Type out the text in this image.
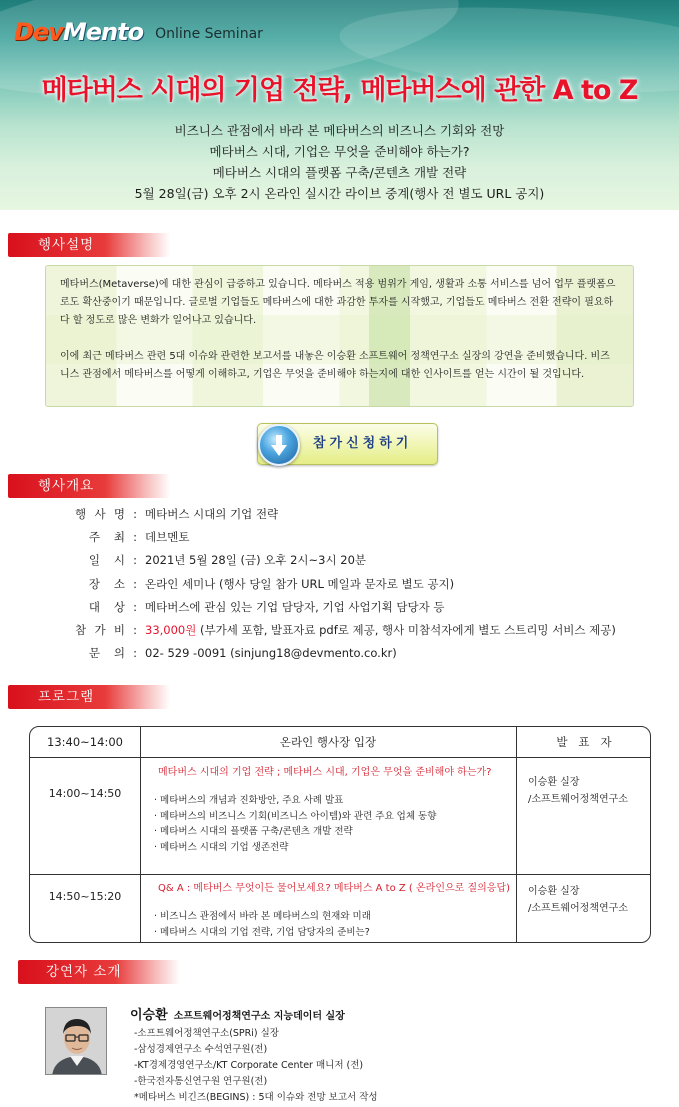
Dev Mento Online Seminar
메타버스 시대의 기업 전략, 메타버스에 관한 A to Z
비즈니스 관점에서 바라 본 메타버스의 비즈니스 기회와 전망
메타버스 시대, 기업은 무엇을 준비해야 하는가?
메타버스 시대의 플랫폼 구축/콘텐츠 개발 전략
5월 28일(금) 오후 2시 온라인 실시간 라이브 중계(행사 전 별도 URL 공지)
행사설명

메타버스(Metaverse)에 대한 관심이 급증하고 있습니다. 메타버스 적용 범위가 게임, 생활과 소통 서비스를 넘어 업무 플랫폼으로도 확산중이기 때문입니다. 글로벌 기업들도 메타버스에 대한 과감한 투자를 시작했고, 기업들도 메타버스 전환 전략이 필요하다 할 정도로 많은 변화가 일어나고 있습니다.

이에 최근 메타버스 관련 5대 이슈와 관련한 보고서를 내놓은 이승환 소프트웨어 정책연구소 실장의 강연을 준비했습니다. 비즈니스 관점에서 메타버스를 어떻게 이해하고, 기업은 무엇을 준비해야 하는지에 대한 인사이트를 얻는 시간이 될 것입니다.

참가신청하기
행사개요
행 사 명 : 메타버스 시대의 기업 전략
주 최 : 데브멘토
일 시 : 2021년 5월 28일 (금) 오후 2시~3시 20분
장 소 : 온라인 세미나 (행사 당일 참가 URL 메일과 문자로 별도 공지)
대 상 : 메타버스에 관심 있는 기업 담당자, 기업 사업기획 담당자 등
참 가 비 : 33,000원 (부가세 포함, 발표자료 pdf로 제공, 행사 미참석자에게 별도 스트리밍 서비스 제공)
문 의 : 02- 529 -0091 (sinjung18@devmento.co.kr)
프로그램
13:40~14:00	온라인 행사장 입장	발   표   자
14:00~14:50
메타버스 시대의 기업 전략 ; 메타버스 시대, 기업은 무엇을 준비해야 하는가?
· 메타버스의 개념과 진화방안, 주요 사례 발표
· 메타버스의 비즈니스 기회(비즈니스 아이템)와 관련 주요 업체 동향
· 메타버스 시대의 플랫폼 구축/콘텐츠 개발 전략
· 메타버스 시대의 기업 생존전략
이승환 실장
/소프트웨어정책연구소
14:50~15:20
Q& A : 메타버스 무엇이든 물어보세요? 메타버스 A to Z ( 온라인으로 질의응답)
· 비즈니스 관점에서 바라 본 메타버스의 현재와 미래
· 메타버스 시대의 기업 전략, 기업 담당자의 준비는?
이승환 실장
/소프트웨어정책연구소
강연자 소개
이승환 소프트웨어정책연구소 지능데이터 실장
-소프트웨어정책연구소(SPRi) 실장
-삼성경제연구소 수석연구원(전)
-KT경제경영연구소/KT Corporate Center 매니저 (전)
-한국전자통신연구원 연구원(전)
*메타버스 비긴즈(BEGINS) : 5대 이슈와 전망 보고서 작성
